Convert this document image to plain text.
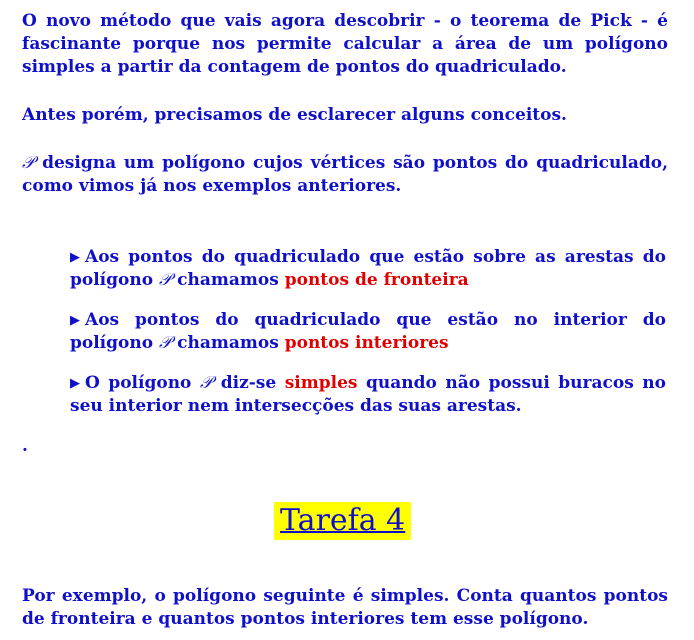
O novo método que vais agora descobrir - o teorema de Pick - é fascinante porque nos permite calcular a área de um polígono simples a partir da contagem de pontos do quadriculado.

Antes porém, precisamos de esclarecer alguns conceitos.

𝒫 designa um polígono cujos vértices são pontos do quadriculado, como vimos já nos exemplos anteriores.

▶ Aos pontos do quadriculado que estão sobre as arestas do polígono 𝒫 chamamos pontos de fronteira
▶ Aos pontos do quadriculado que estão no interior do polígono 𝒫 chamamos pontos interiores
▶ O polígono 𝒫 diz-se simples quando não possui buracos no seu interior nem intersecções das suas arestas.
.
Tarefa 4

Por exemplo, o polígono seguinte é simples. Conta quantos pontos de fronteira e quantos pontos interiores tem esse polígono.
